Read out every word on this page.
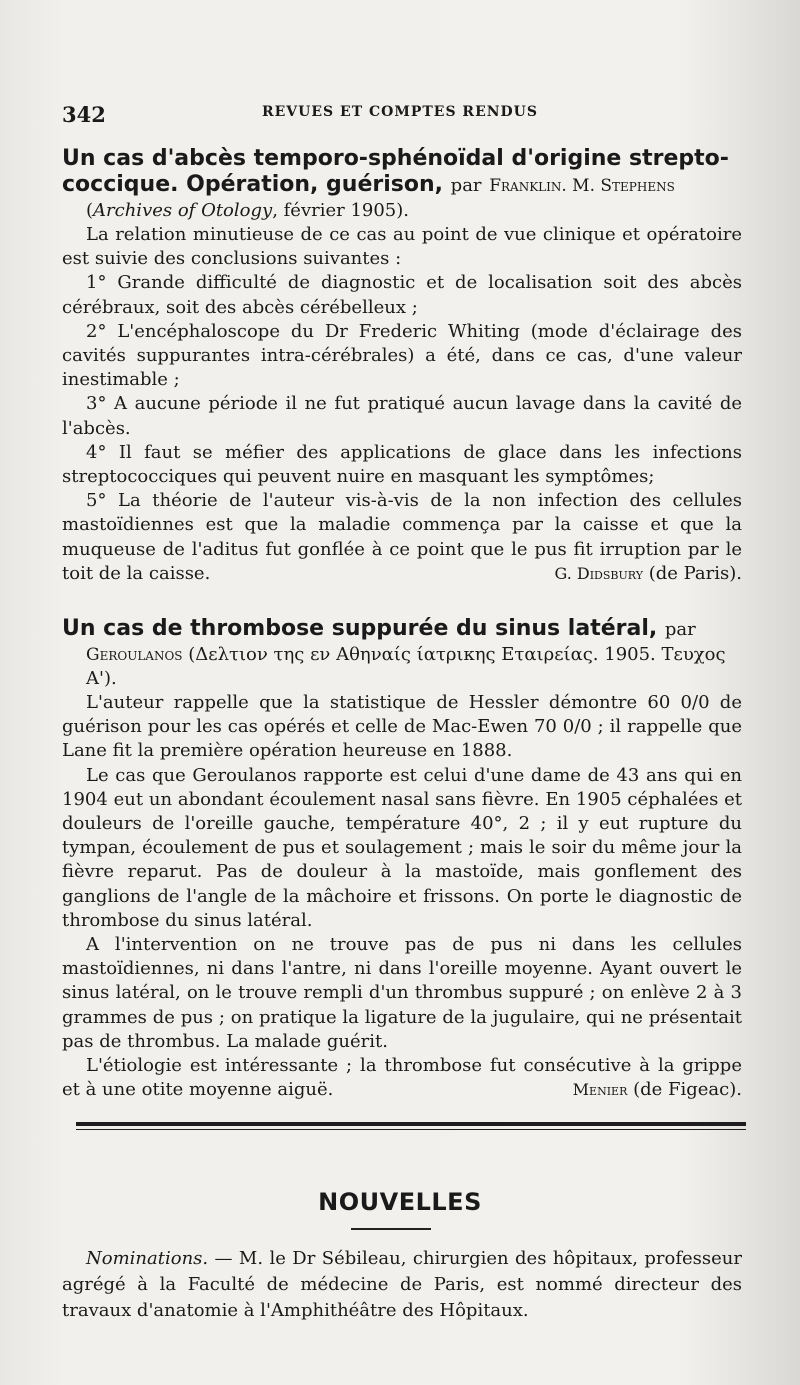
342	REVUES ET COMPTES RENDUS

Un cas d'abcès temporo-sphénoïdal d'origine strepto-coccique. Opération, guérison, par Franklin. M. Stephens

(Archives of Otology, février 1905).

La relation minutieuse de ce cas au point de vue clinique et opératoire est suivie des conclusions suivantes :

1° Grande difficulté de diagnostic et de localisation soit des abcès cérébraux, soit des abcès cérébelleux ;

2° L'encéphaloscope du Dr Frederic Whiting (mode d'éclairage des cavités suppurantes intra-cérébrales) a été, dans ce cas, d'une valeur inestimable ;

3° A aucune période il ne fut pratiqué aucun lavage dans la cavité de l'abcès.

4° Il faut se méfier des applications de glace dans les infections streptococciques qui peuvent nuire en masquant les symptômes;

5° La théorie de l'auteur vis-à-vis de la non infection des cellules mastoïdiennes est que la maladie commença par la caisse et que la muqueuse de l'aditus fut gonflée à ce point que le pus fit irruption par le toit de la caisse.	G. Didsbury (de Paris).

Un cas de thrombose suppurée du sinus latéral, par

Geroulanos (Δελτιον της εν Αθηναίς ίατρικης Εταιρείας. 1905. Τευχος Α').

L'auteur rappelle que la statistique de Hessler démontre 60 0/0 de guérison pour les cas opérés et celle de Mac-Ewen 70 0/0 ; il rappelle que Lane fit la première opération heureuse en 1888.

Le cas que Geroulanos rapporte est celui d'une dame de 43 ans qui en 1904 eut un abondant écoulement nasal sans fièvre. En 1905 céphalées et douleurs de l'oreille gauche, température 40°, 2 ; il y eut rupture du tympan, écoulement de pus et soulagement ; mais le soir du même jour la fièvre reparut. Pas de douleur à la mastoïde, mais gonflement des ganglions de l'angle de la mâchoire et frissons. On porte le diagnostic de thrombose du sinus latéral.

A l'intervention on ne trouve pas de pus ni dans les cellules mastoïdiennes, ni dans l'antre, ni dans l'oreille moyenne. Ayant ouvert le sinus latéral, on le trouve rempli d'un thrombus suppuré ; on enlève 2 à 3 grammes de pus ; on pratique la ligature de la jugulaire, qui ne présentait pas de thrombus. La malade guérit.

L'étiologie est intéressante ; la thrombose fut consécutive à la grippe et à une otite moyenne aiguë.	Menier (de Figeac).

NOUVELLES

Nominations. — M. le Dr Sébileau, chirurgien des hôpitaux, professeur agrégé à la Faculté de médecine de Paris, est nommé directeur des travaux d'anatomie à l'Amphithéâtre des Hôpitaux.
